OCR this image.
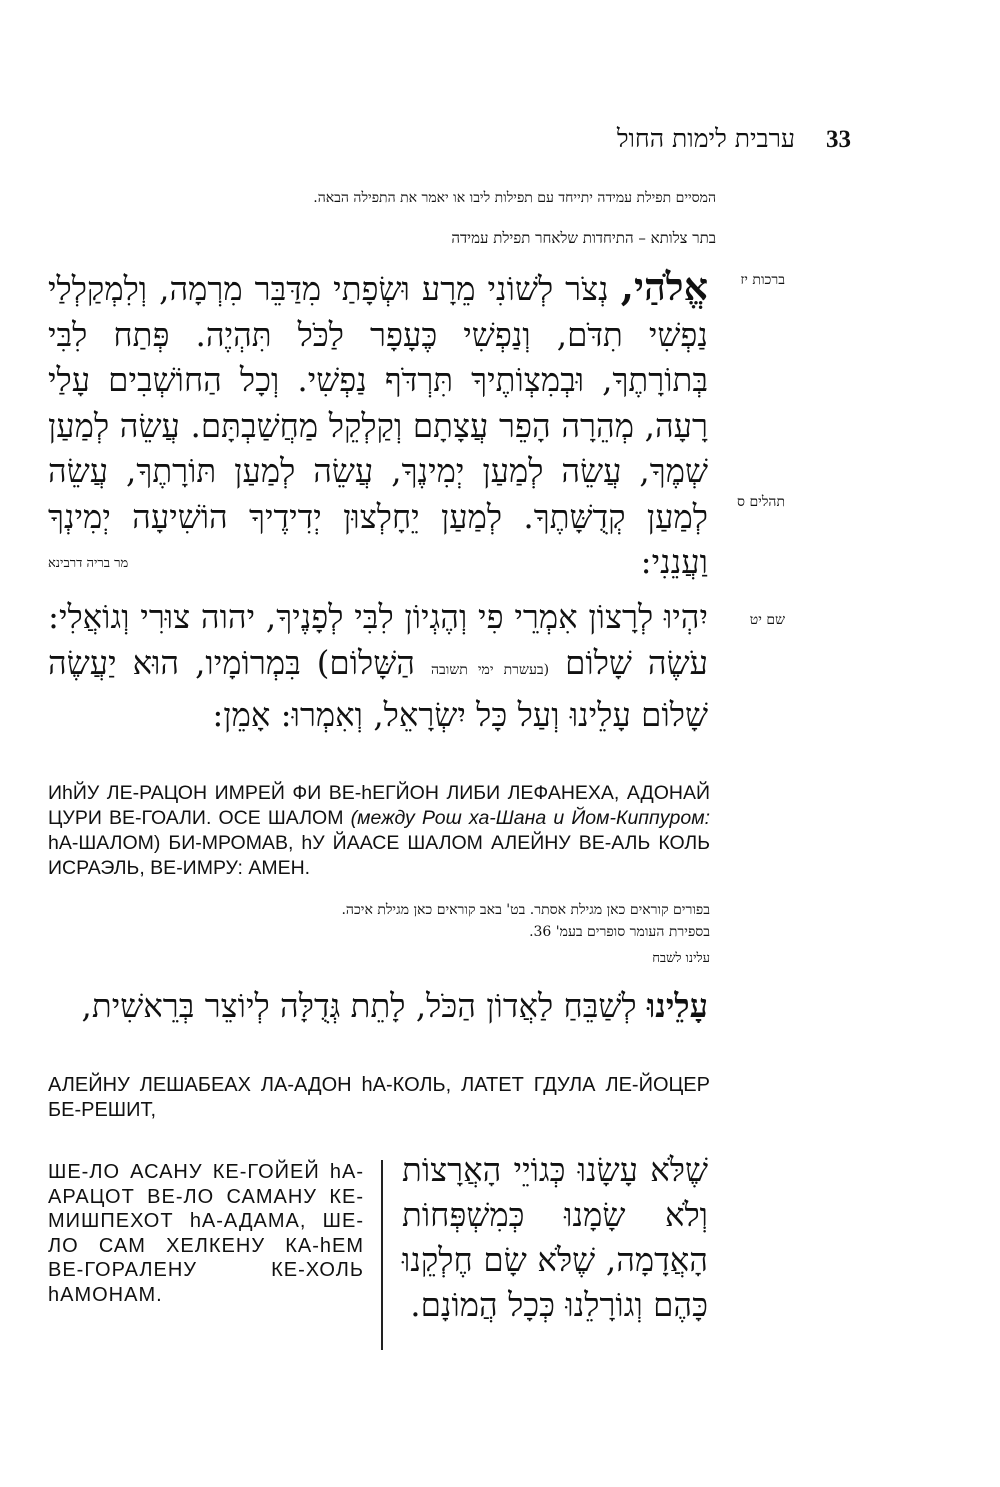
33
ערבית לימות החול
המסיים תפילת עמידה יתייחד עם תפילות ליבו או יאמר את התפילה הבאה.
בתר צלותא – התיחדות שלאחר תפילת עמידה
ברכות יז
תהלים ס
שם יט
אֱלֹהַי, נְצֹר לְשׁוֹנִי מֵרָע וּשְׂפָתַי מִדַּבֵּר מִרְמָה, וְלִמְקַלְלַי נַפְשִׁי תִדֹּם, וְנַפְשִׁי כֶּעָפָר לַכֹּל תִּהְיֶה. פְּתַח לִבִּי בְּתוֹרָתֶךָ, וּבְמִצְוֹתֶיךָ תִּרְדֹּף נַפְשִׁי. וְכָל הַחוֹשְׁבִים עָלַי רָעָה, מְהֵרָה הָפֵר עֲצָתָם וְקַלְקֵל מַחֲשַׁבְתָּם. עֲשֵׂה לְמַעַן שְׁמֶךָ, עֲשֵׂה לְמַעַן יְמִינֶךָ, עֲשֵׂה לְמַעַן תּוֹרָתֶךָ, עֲשֵׂה לְמַעַן קְדֻשָּׁתֶךָ. לְמַעַן יֵחָלְצוּן יְדִידֶיךָ הוֹשִׁיעָה יְמִינְךָ וַעֲנֵנִי:
מר בריה דרבינא
יִהְיוּ לְרָצוֹן אִמְרֵי פִי וְהֶגְיוֹן לִבִּי לְפָנֶיךָ, יהוה צוּרִי וְגוֹאֲלִי: עֹשֶׂה שָׁלוֹם (בעשרת ימי תשובה הַשָּׁלוֹם) בִּמְרוֹמָיו, הוּא יַעֲשֶׂה שָׁלוֹם עָלֵינוּ וְעַל כָּל יִשְׂרָאֵל, וְאִמְרוּ: אָמֵן:
ИhЙУ ЛЕ-РАЦОН ИМРЕЙ ФИ ВЕ-hЕГЙОН ЛИБИ ЛЕФАНЕХА, АДОНАЙ ЦУРИ ВЕ-ГОАЛИ. ОСЕ ШАЛОМ (между Рош ха-Шана и Йом-Киппуром: hА-ШАЛОМ) БИ-МРОМАВ, hУ ЙААСЕ ШАЛОМ АЛЕЙНУ ВЕ-АЛЬ КОЛЬ ИСРАЭЛЬ, ВЕ-ИМРУ: АМЕН.
בפורים קוראים כאן מגילת אסתר. בט' באב קוראים כאן מגילת איכה.
בספירת העומר סופרים בעמ' 36.
עלינו לשבח
עָלֵינוּ לְשַׁבֵּחַ לַאֲדוֹן הַכֹּל, לָתֵת גְּדֻלָּה לְיוֹצֵר בְּרֵאשִׁית,
АЛЕЙНУ ЛЕШАБЕАХ ЛА-АДОН hА-КОЛЬ, ЛАТЕТ ГДУЛА ЛЕ-ЙОЦЕР БЕ-РЕШИТ,
ШЕ-ЛО АСАНУ КЕ-ГОЙЕЙ hА-АРАЦОТ ВЕ-ЛО САМАНУ КЕ-МИШПЕХОТ hА-АДАМА, ШЕ-ЛО САМ ХЕЛКЕНУ КА-hЕМ ВЕ-ГОРАЛЕНУ КЕ-ХОЛЬ hАМОНАМ.
שֶׁלֹּא עָשָׂנוּ כְּגוֹיֵי הָאֲרָצוֹת וְלֹא שָׂמָנוּ כְּמִשְׁפְּחוֹת הָאֲדָמָה, שֶׁלֹּא שָׂם חֶלְקֵנוּ כָּהֶם וְגוֹרָלֵנוּ כְּכָל הֲמוֹנָם.
